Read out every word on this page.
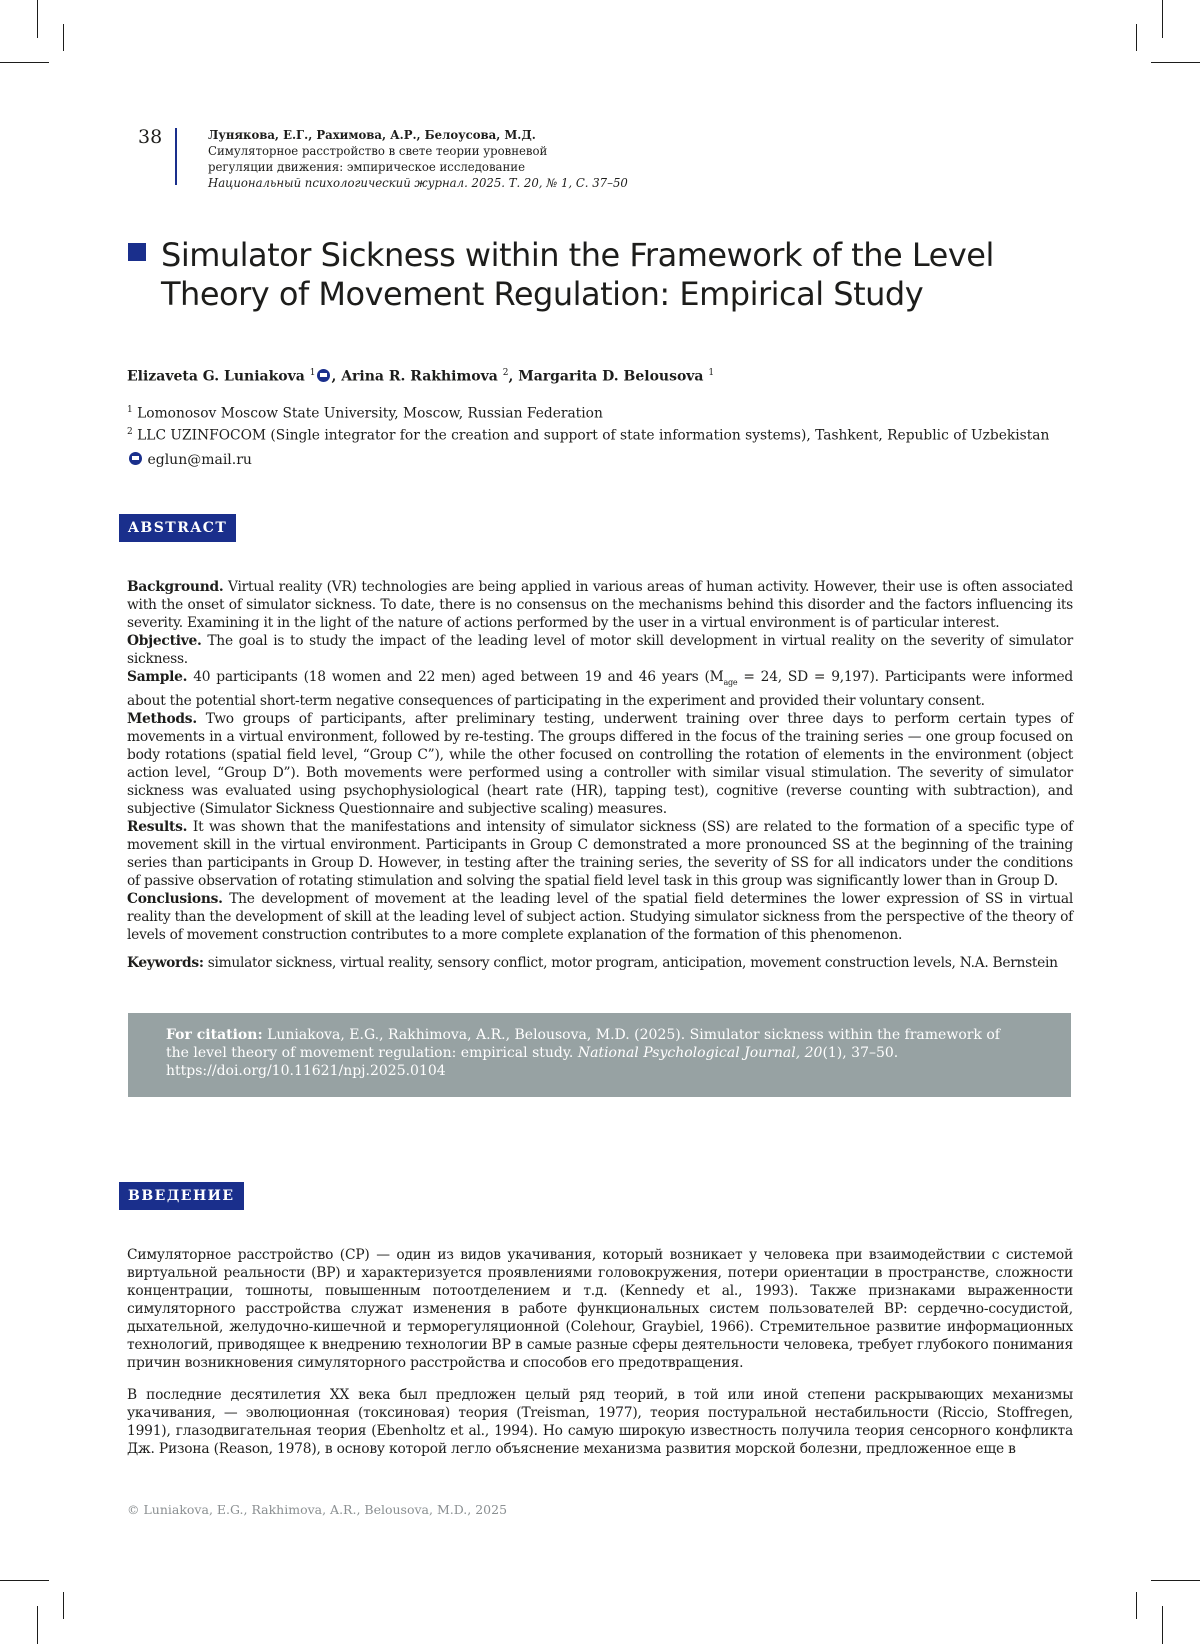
38	Лунякова, Е.Г., Рахимова, А.Р., Белоусова, М.Д.
Симуляторное расстройство в свете теории уровневой
регуляции движения: эмпирическое исследование
Национальный психологический журнал. 2025. Т. 20, № 1, С. 37–50
Simulator Sickness within the Framework of the Level
Theory of Movement Regulation: Empirical Study
Elizaveta G. Luniakova 1 , Arina R. Rakhimova 2, Margarita D. Belousova 1
1 Lomonosov Moscow State University, Moscow, Russian Federation
2 LLC UZINFOCOM (Single integrator for the creation and support of state information systems), Tashkent, Republic of Uzbekistan
eglun@mail.ru
ABSTRACT

Background. Virtual reality (VR) technologies are being applied in various areas of human activity. However, their use is often associated with the onset of simulator sickness. To date, there is no consensus on the mechanisms behind this disorder and the factors influencing its severity. Examining it in the light of the nature of actions performed by the user in a virtual environment is of particular interest.

Objective. The goal is to study the impact of the leading level of motor skill development in virtual reality on the severity of simulator sickness.

Sample. 40 participants (18 women and 22 men) aged between 19 and 46 years (Mage = 24, SD = 9,197). Participants were informed about the potential short-term negative consequences of participating in the experiment and provided their voluntary consent.

Methods. Two groups of participants, after preliminary testing, underwent training over three days to perform certain types of movements in a virtual environment, followed by re-testing. The groups differed in the focus of the training series — one group focused on body rotations (spatial field level, “Group C”), while the other focused on controlling the rotation of elements in the environment (object action level, “Group D”). Both movements were performed using a controller with similar visual stimulation. The severity of simulator sickness was evaluated using psychophysiological (heart rate (HR), tapping test), cognitive (reverse counting with subtraction), and subjective (Simulator Sickness Questionnaire and subjective scaling) measures.

Results. It was shown that the manifestations and intensity of simulator sickness (SS) are related to the formation of a specific type of movement skill in the virtual environment. Participants in Group C demonstrated a more pronounced SS at the beginning of the training series than participants in Group D. However, in testing after the training series, the severity of SS for all indicators under the conditions of passive observation of rotating stimulation and solving the spatial field level task in this group was significantly lower than in Group D.

Conclusions. The development of movement at the leading level of the spatial field determines the lower expression of SS in virtual reality than the development of skill at the leading level of subject action. Studying simulator sickness from the perspective of the theory of levels of movement construction contributes to a more complete explanation of the formation of this phenomenon.

Keywords: simulator sickness, virtual reality, sensory conflict, motor program, anticipation, movement construction levels, N.A. Bernstein
For citation: Luniakova, E.G., Rakhimova, A.R., Belousova, M.D. (2025). Simulator sickness within the framework of the level theory of movement regulation: empirical study. National Psychological Journal, 20(1), 37–50. https://doi.org/10.11621/npj.2025.0104
ВВЕДЕНИЕ

Симуляторное расстройство (СР) — один из видов укачивания, который возникает у человека при взаимодействии с системой виртуальной реальности (ВР) и характеризуется проявлениями головокружения, потери ориентации в пространстве, сложности концентрации, тошноты, повышенным потоотделением и т.д. (Kennedy et al., 1993). Также признаками выраженности симуляторного расстройства служат изменения в работе функциональных систем пользователей ВР: сердечно-сосудистой, дыхательной, желудочно-кишечной и терморегуляционной (Colehour, Graybiel, 1966). Стремительное развитие информационных технологий, приводящее к внедрению технологии ВР в самые разные сферы деятельности человека, требует глубокого понимания причин возникновения симуляторного расстройства и способов его предотвращения.

В последние десятилетия XX века был предложен целый ряд теорий, в той или иной степени раскрывающих механизмы укачивания, — эволюционная (токсиновая) теория (Treisman, 1977), теория постуральной нестабильности (Riccio, Stoffregen, 1991), глазодвигательная теория (Ebenholtz et al., 1994). Но самую широкую известность получила теория сенсорного конфликта Дж. Ризона (Reason, 1978), в основу которой легло объяснение механизма развития морской болезни, предложенное еще в

© Luniakova, E.G., Rakhimova, A.R., Belousova, M.D., 2025
